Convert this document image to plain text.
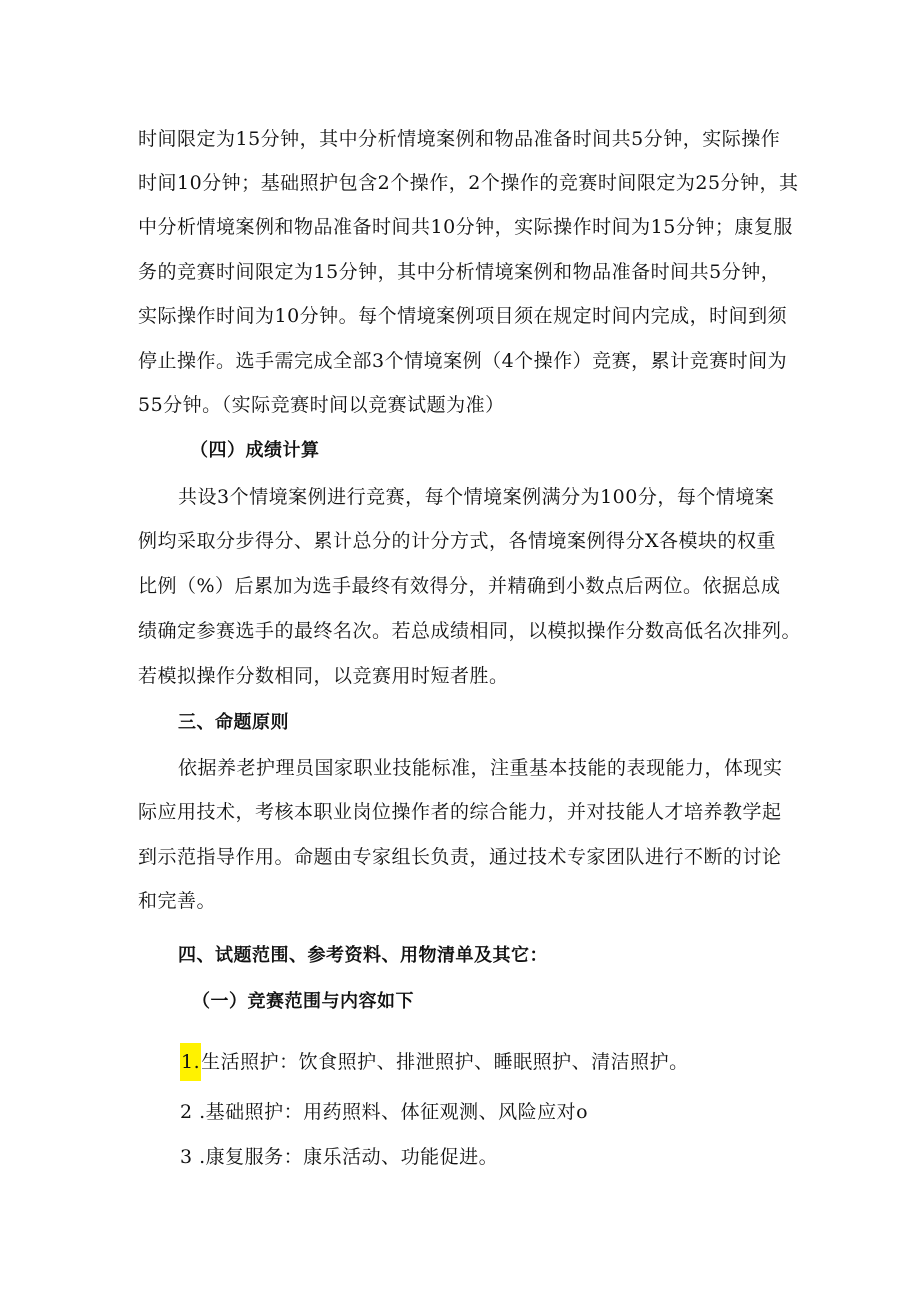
时间限定为15分钟，其中分析情境案例和物品准备时间共5分钟，实际操作
时间10分钟；基础照护包含2个操作，2个操作的竞赛时间限定为25分钟，其
中分析情境案例和物品准备时间共10分钟，实际操作时间为15分钟；康复服
务的竞赛时间限定为15分钟，其中分析情境案例和物品准备时间共5分钟，
实际操作时间为10分钟。每个情境案例项目须在规定时间内完成，时间到须
停止操作。选手需完成全部3个情境案例（4个操作）竞赛，累计竞赛时间为
55分钟。（实际竞赛时间以竞赛试题为准）
（四）成绩计算
共设3个情境案例进行竞赛，每个情境案例满分为100分，每个情境案
例均采取分步得分、累计总分的计分方式，各情境案例得分X各模块的权重
比例（%）后累加为选手最终有效得分，并精确到小数点后两位。依据总成
绩确定参赛选手的最终名次。若总成绩相同，以模拟操作分数高低名次排列。
若模拟操作分数相同，以竞赛用时短者胜。
三、命题原则
依据养老护理员国家职业技能标准，注重基本技能的表现能力，体现实
际应用技术，考核本职业岗位操作者的综合能力，并对技能人才培养教学起
到示范指导作用。命题由专家组长负责，通过技术专家团队进行不断的讨论
和完善。
四、试题范围、参考资料、用物清单及其它：
（一）竞赛范围与内容如下
1.生活照护：饮食照护、排泄照护、睡眠照护、清洁照护。
2 .基础照护：用药照料、体征观测、风险应对o
3 .康复服务：康乐活动、功能促进。
